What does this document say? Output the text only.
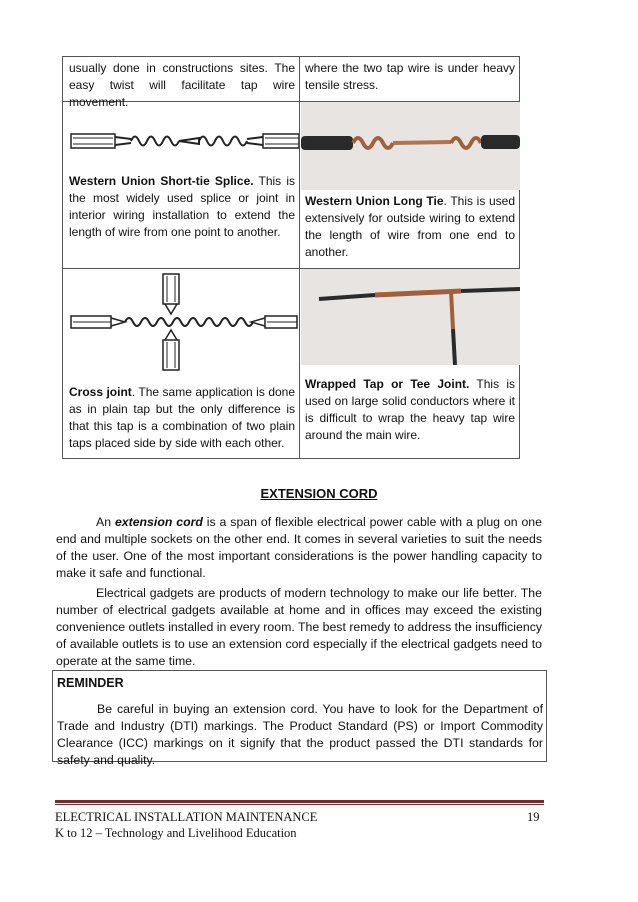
usually done in constructions sites. The easy twist will facilitate tap wire movement.
where the two tap wire is under heavy tensile stress.
Western Union Short-tie Splice. This is the most widely used splice or joint in interior wiring installation to extend the length of wire from one point to another.
Western Union Long Tie. This is used extensively for outside wiring to extend the length of wire from one end to another.
Cross joint. The same application is done as in plain tap but the only difference is that this tap is a combination of two plain taps placed side by side with each other.
Wrapped Tap or Tee Joint. This is used on large solid conductors where it is difficult to wrap the heavy tap wire around the main wire.
EXTENSION CORD

An extension cord is a span of flexible electrical power cable with a plug on one end and multiple sockets on the other end. It comes in several varieties to suit the needs of the user. One of the most important considerations is the power handling capacity to make it safe and functional.

Electrical gadgets are products of modern technology to make our life better. The number of electrical gadgets available at home and in offices may exceed the existing convenience outlets installed in every room. The best remedy to address the insufficiency of available outlets is to use an extension cord especially if the electrical gadgets need to operate at the same time.

REMINDER

Be careful in buying an extension cord. You have to look for the Department of Trade and Industry (DTI) markings. The Product Standard (PS) or Import Commodity Clearance (ICC) markings on it signify that the product passed the DTI standards for safety and quality.

ELECTRICAL INSTALLATION MAINTENANCE
K to 12 – Technology and Livelihood Education
19
